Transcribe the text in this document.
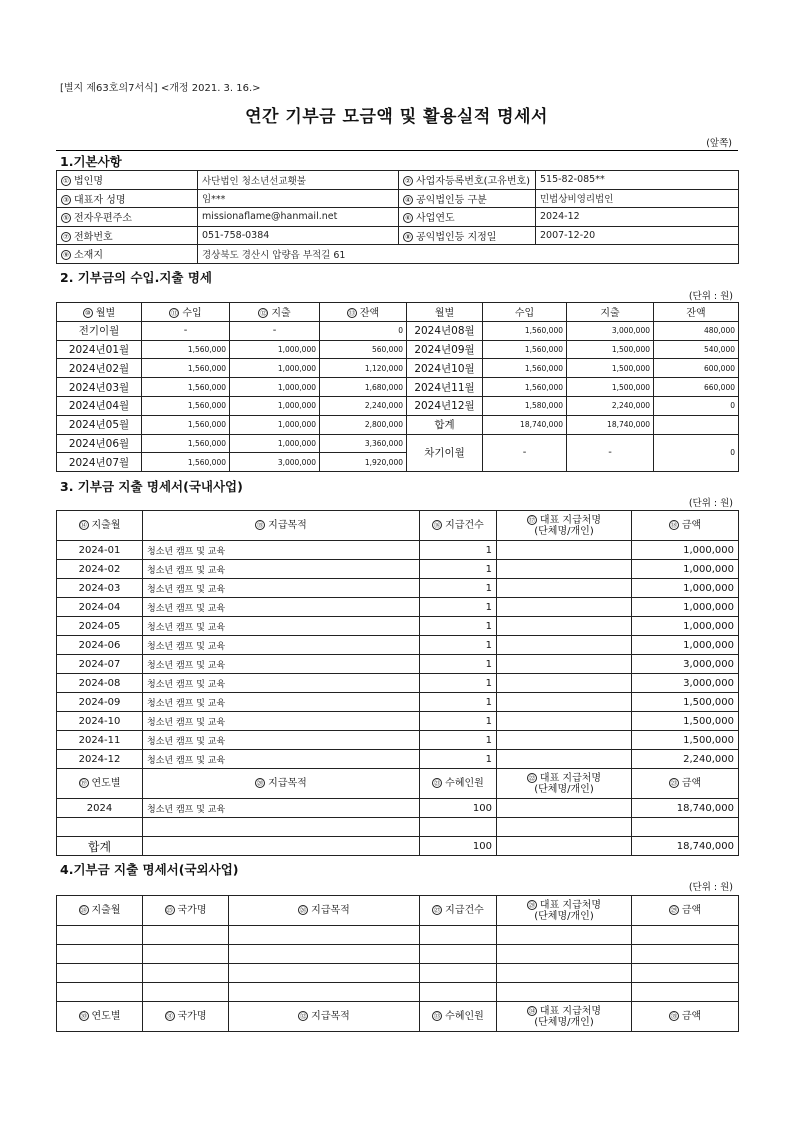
[별지 제63호의7서식] <개정 2021. 3. 16.>
연간 기부금 모금액 및 활용실적 명세서
(앞쪽)
1.기본사항
① 법인명	사단법인 청소년선교횃불	② 사업자등록번호(고유번호)	515-82-085**
③ 대표자 성명	임***	④ 공익법인등 구분	민법상비영리법인
⑤ 전자우편주소	missionaflame@hanmail.net	⑥ 사업연도	2024-12
⑦ 전화번호	051-758-0384	⑧ 공익법인등 지정일	2007-12-20
⑨ 소재지	경상북도 경산시 압량읍 부적길 61		
2. 기부금의 수입.지출 명세
(단위 : 원)
⑩ 월별	⑪ 수입	⑫ 지출	⑬ 잔액	월별	수입	지출	잔액
전기이월	-	-	0	2024년08월	1,560,000	3,000,000	480,000
2024년01월	1,560,000	1,000,000	560,000	2024년09월	1,560,000	1,500,000	540,000
2024년02월	1,560,000	1,000,000	1,120,000	2024년10월	1,560,000	1,500,000	600,000
2024년03월	1,560,000	1,000,000	1,680,000	2024년11월	1,560,000	1,500,000	660,000
2024년04월	1,560,000	1,000,000	2,240,000	2024년12월	1,580,000	2,240,000	0
2024년05월	1,560,000	1,000,000	2,800,000	합계	18,740,000	18,740,000	
2024년06월	1,560,000	1,000,000	3,360,000	차기이월	-	-	0
2024년07월	1,560,000	3,000,000	1,920,000				
3. 기부금 지출 명세서(국내사업)
(단위 : 원)
⑭ 지출월	⑮ 지급목적	⑯ 지급건수	⑰ 대표 지급처명
(단체명/개인)	⑱ 금액
2024-01	청소년 캠프 및 교육	1		1,000,000
2024-02	청소년 캠프 및 교육	1		1,000,000
2024-03	청소년 캠프 및 교육	1		1,000,000
2024-04	청소년 캠프 및 교육	1		1,000,000
2024-05	청소년 캠프 및 교육	1		1,000,000
2024-06	청소년 캠프 및 교육	1		1,000,000
2024-07	청소년 캠프 및 교육	1		3,000,000
2024-08	청소년 캠프 및 교육	1		3,000,000
2024-09	청소년 캠프 및 교육	1		1,500,000
2024-10	청소년 캠프 및 교육	1		1,500,000
2024-11	청소년 캠프 및 교육	1		1,500,000
2024-12	청소년 캠프 및 교육	1		2,240,000
⑲ 연도별	⑳ 지급목적	㉑ 수혜인원	㉒ 대표 지급처명
(단체명/개인)	㉓ 금액
2024	청소년 캠프 및 교육	100		18,740,000

합계		100		18,740,000
4.기부금 지출 명세서(국외사업)
(단위 : 원)
㉔ 지출월	㉕ 국가명	㉖ 지급목적	㉗ 지급건수	㉘ 대표 지급처명
(단체명/개인)	㉙ 금액

㉚ 연도별	㉛ 국가명	㉜ 지급목적	㉝ 수혜인원	㉞ 대표 지급처명
(단체명/개인)	㉟ 금액
